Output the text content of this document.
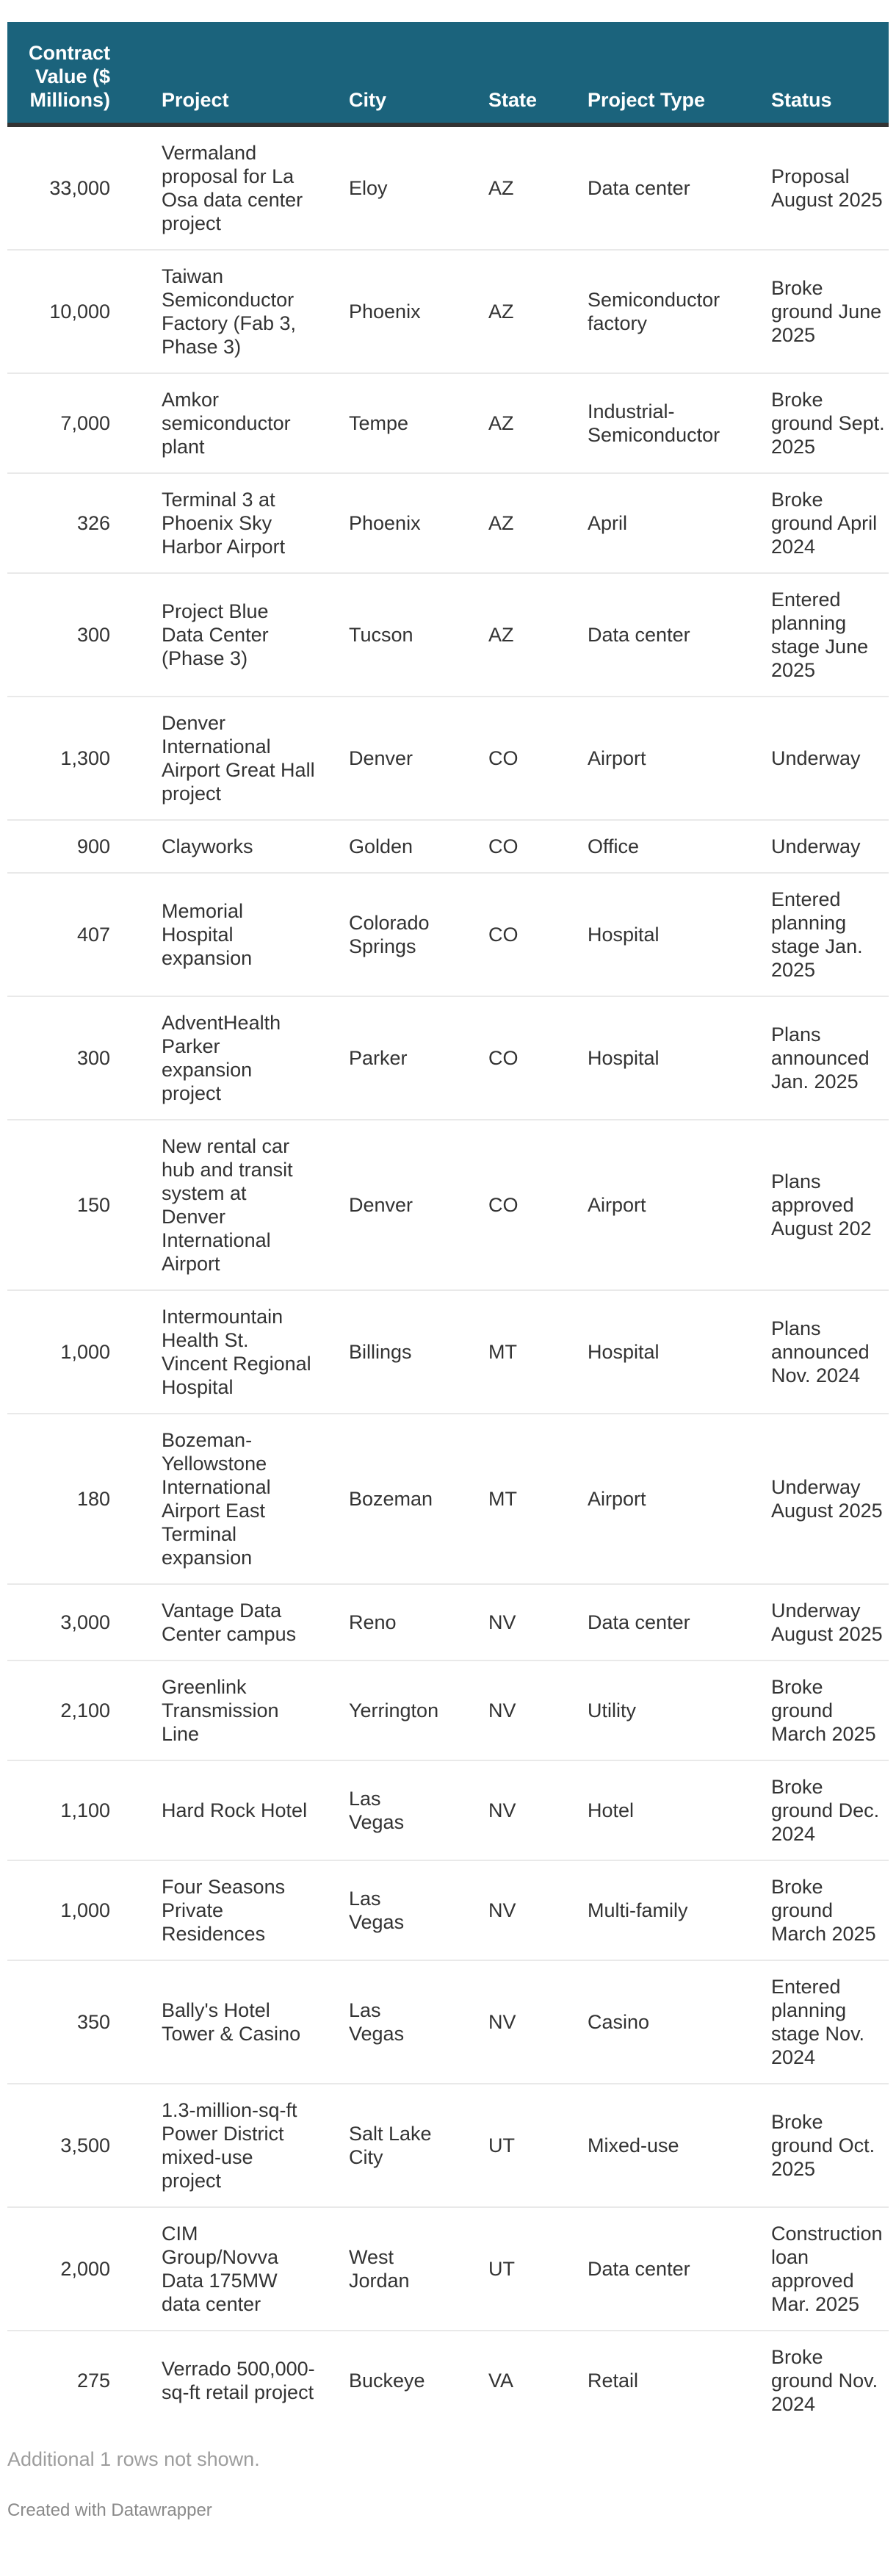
Contract Value ($ Millions)	Project	City	State	Project Type	Status
33,000	Vermaland proposal for La Osa data center project	Eloy	AZ	Data center	Proposal August 2025
10,000	Taiwan Semiconductor Factory (Fab 3, Phase 3)	Phoenix	AZ	Semiconductor factory	Broke ground June 2025
7,000	Amkor semiconductor plant	Tempe	AZ	Industrial-Semiconductor	Broke ground Sept. 2025
326	Terminal 3 at Phoenix Sky Harbor Airport	Phoenix	AZ	April	Broke ground April 2024
300	Project Blue Data Center (Phase 3)	Tucson	AZ	Data center	Entered planning stage June 2025
1,300	Denver International Airport Great Hall project	Denver	CO	Airport	Underway
900	Clayworks	Golden	CO	Office	Underway
407	Memorial Hospital expansion	Colorado Springs	CO	Hospital	Entered planning stage Jan. 2025
300	AdventHealth Parker expansion project	Parker	CO	Hospital	Plans announced Jan. 2025
150	New rental car hub and transit system at Denver International Airport	Denver	CO	Airport	Plans approved August 202
1,000	Intermountain Health St. Vincent Regional Hospital	Billings	MT	Hospital	Plans announced Nov. 2024
180	Bozeman-Yellowstone International Airport East Terminal expansion	Bozeman	MT	Airport	Underway August 2025
3,000	Vantage Data Center campus	Reno	NV	Data center	Underway August 2025
2,100	Greenlink Transmission Line	Yerrington	NV	Utility	Broke ground March 2025
1,100	Hard Rock Hotel	Las Vegas	NV	Hotel	Broke ground Dec. 2024
1,000	Four Seasons Private Residences	Las Vegas	NV	Multi-family	Broke ground March 2025
350	Bally's Hotel Tower & Casino	Las Vegas	NV	Casino	Entered planning stage Nov. 2024
3,500	1.3-million-sq-ft Power District mixed-use project	Salt Lake City	UT	Mixed-use	Broke ground Oct. 2025
2,000	CIM Group/Novva Data 175MW data center	West Jordan	UT	Data center	Construction loan approved Mar. 2025
275	Verrado 500,000-sq-ft retail project	Buckeye	VA	Retail	Broke ground Nov. 2024
Additional 1 rows not shown.
Created with Datawrapper
